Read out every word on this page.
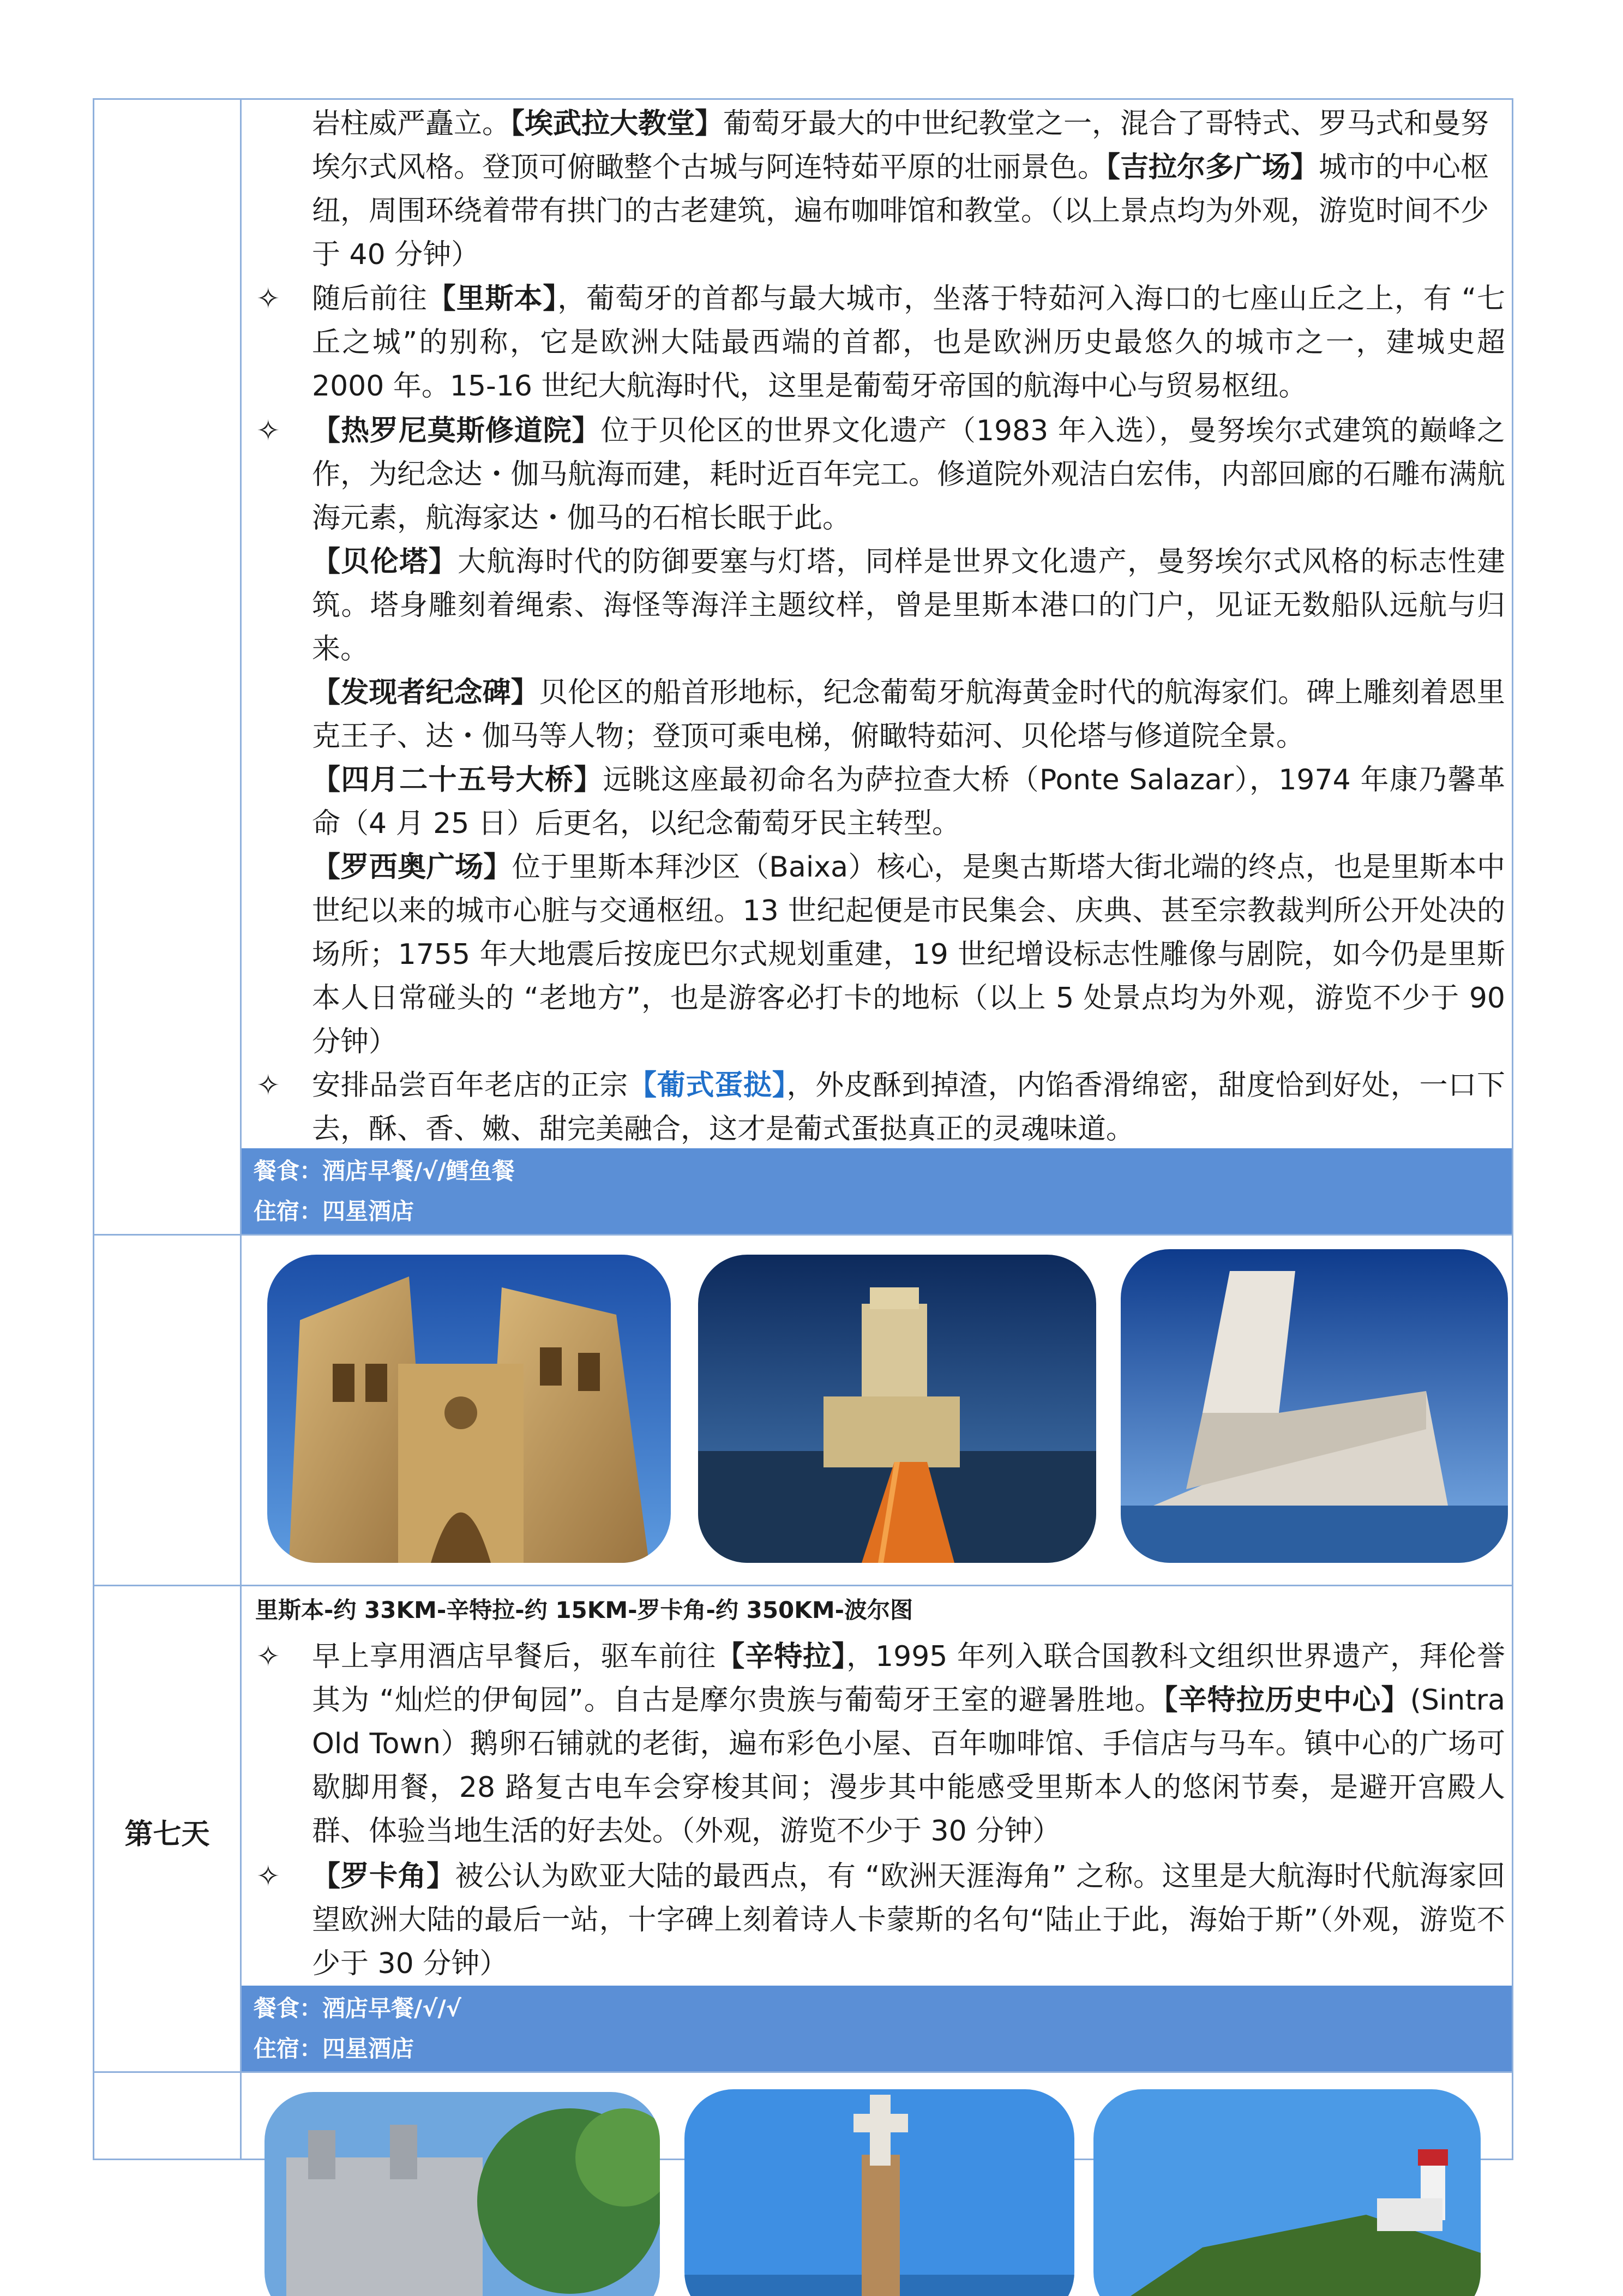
岩柱威严矗立。【埃武拉大教堂】葡萄牙最大的中世纪教堂之一，混合了哥特式、罗马式和曼努埃尔式风格。登顶可俯瞰整个古城与阿连特茹平原的壮丽景色。【吉拉尔多广场】城市的中心枢纽，周围环绕着带有拱门的古老建筑，遍布咖啡馆和教堂。（以上景点均为外观，游览时间不少于 40 分钟）
✧	随后前往【里斯本】，葡萄牙的首都与最大城市，坐落于特茹河入海口的七座山丘之上，有 “七丘之城”的别称，它是欧洲大陆最西端的首都，也是欧洲历史最悠久的城市之一，建城史超 2000 年。15-16 世纪大航海时代，这里是葡萄牙帝国的航海中心与贸易枢纽。
✧	【热罗尼莫斯修道院】位于贝伦区的世界文化遗产（1983 年入选），曼努埃尔式建筑的巅峰之作，为纪念达・伽马航海而建，耗时近百年完工。修道院外观洁白宏伟，内部回廊的石雕布满航海元素，航海家达・伽马的石棺长眠于此。
【贝伦塔】大航海时代的防御要塞与灯塔，同样是世界文化遗产，曼努埃尔式风格的标志性建筑。塔身雕刻着绳索、海怪等海洋主题纹样，曾是里斯本港口的门户，见证无数船队远航与归来。
【发现者纪念碑】贝伦区的船首形地标，纪念葡萄牙航海黄金时代的航海家们。碑上雕刻着恩里克王子、达・伽马等人物；登顶可乘电梯，俯瞰特茹河、贝伦塔与修道院全景。
【四月二十五号大桥】远眺这座最初命名为萨拉查大桥（Ponte Salazar），1974 年康乃馨革命（4 月 25 日）后更名，以纪念葡萄牙民主转型。
【罗西奥广场】位于里斯本拜沙区（Baixa）核心，是奥古斯塔大街北端的终点，也是里斯本中世纪以来的城市心脏与交通枢纽。13 世纪起便是市民集会、庆典、甚至宗教裁判所公开处决的场所；1755 年大地震后按庞巴尔式规划重建，19 世纪增设标志性雕像与剧院，如今仍是里斯本人日常碰头的 “老地方”，也是游客必打卡的地标（以上 5 处景点均为外观，游览不少于 90 分钟）
✧	安排品尝百年老店的正宗【葡式蛋挞】，外皮酥到掉渣，内馅香滑绵密，甜度恰到好处，一口下去，酥、香、嫩、甜完美融合，这才是葡式蛋挞真正的灵魂味道。
餐食：酒店早餐/√/鳕鱼餐
住宿：四星酒店
第七天
里斯本-约 33KM-辛特拉-约 15KM-罗卡角-约 350KM-波尔图
✧	早上享用酒店早餐后，驱车前往【辛特拉】，1995 年列入联合国教科文组织世界遗产，拜伦誉其为 “灿烂的伊甸园”。自古是摩尔贵族与葡萄牙王室的避暑胜地。【辛特拉历史中心】(Sintra Old Town）鹅卵石铺就的老街，遍布彩色小屋、百年咖啡馆、手信店与马车。镇中心的广场可歇脚用餐，28 路复古电车会穿梭其间；漫步其中能感受里斯本人的悠闲节奏，是避开宫殿人群、体验当地生活的好去处。（外观，游览不少于 30 分钟）
✧	【罗卡角】被公认为欧亚大陆的最西点，有 “欧洲天涯海角” 之称。这里是大航海时代航海家回望欧洲大陆的最后一站，十字碑上刻着诗人卡蒙斯的名句“陆止于此，海始于斯”（外观，游览不少于 30 分钟）
餐食：酒店早餐/√/√
住宿：四星酒店
